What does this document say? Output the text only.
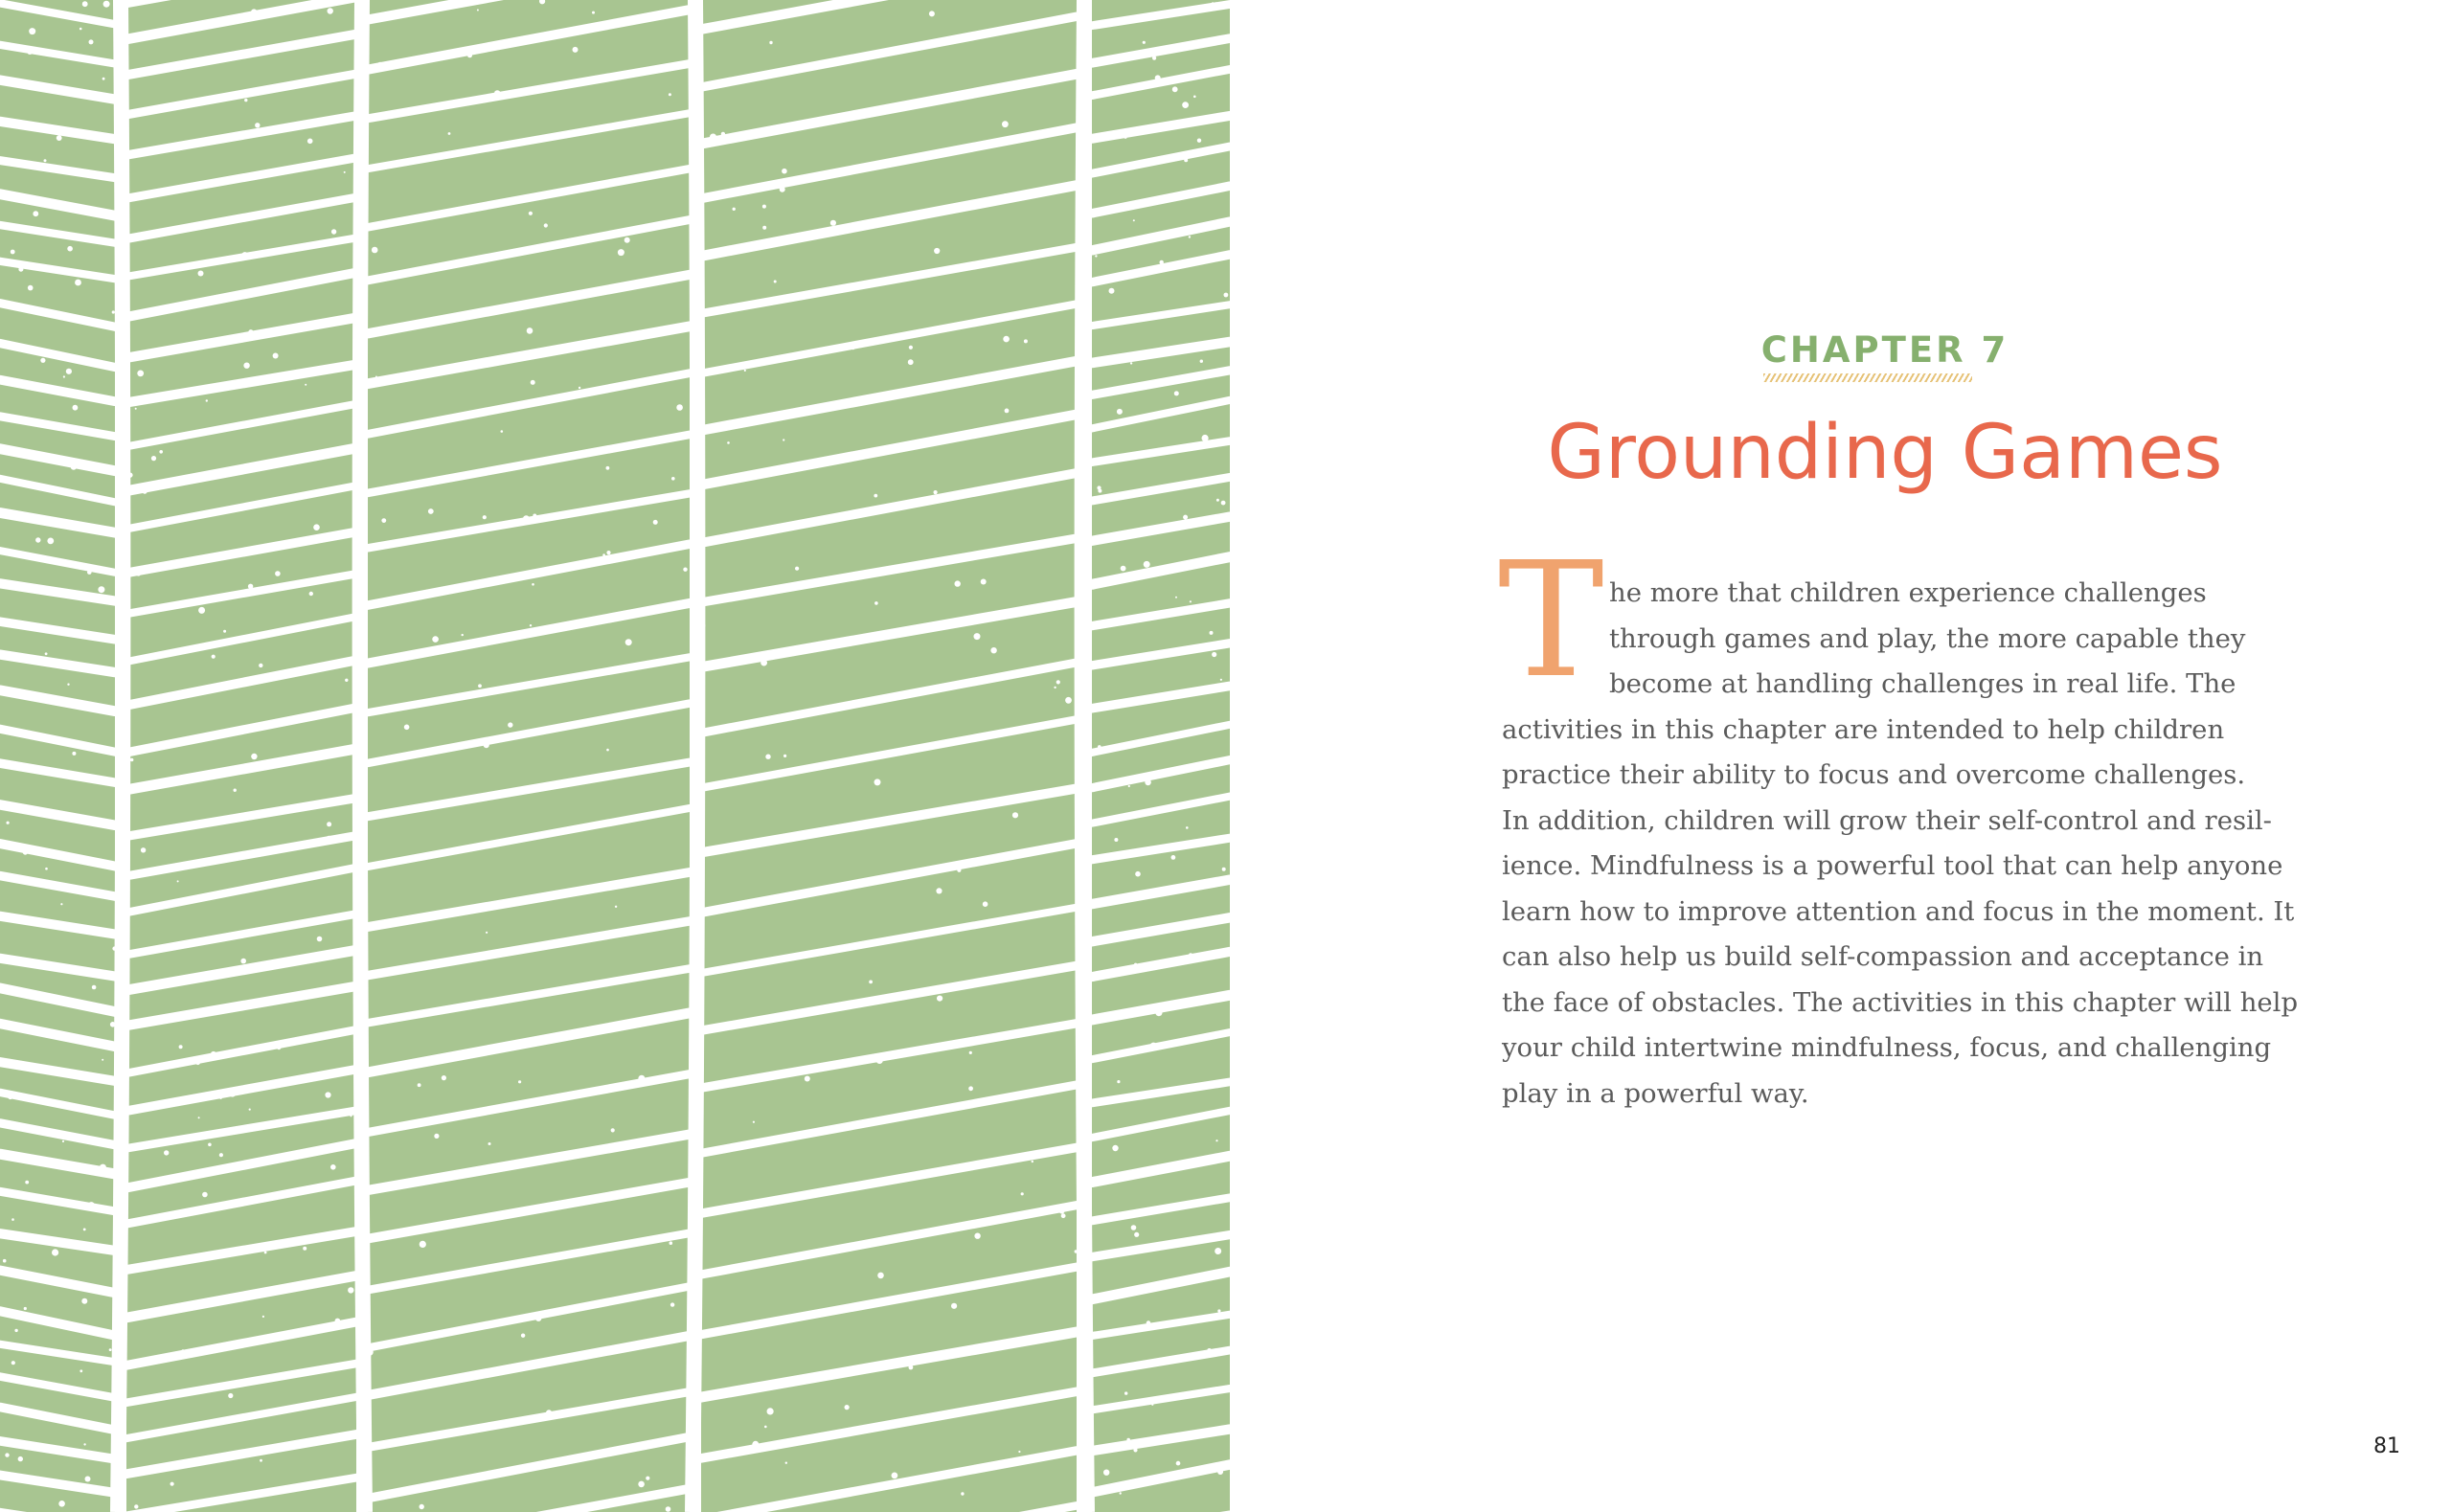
CHAPTER 7
Grounding Games
T he more that children experience challenges
through games and play, the more capable they
become at handling challenges in real life. The
activities in this chapter are intended to help children
practice their ability to focus and overcome challenges.
In addition, children will grow their self-control and resil-
ience. Mindfulness is a powerful tool that can help anyone
learn how to improve attention and focus in the moment. It
can also help us build self-compassion and acceptance in
the face of obstacles. The activities in this chapter will help
your child intertwine mindfulness, focus, and challenging
play in a powerful way.
81
